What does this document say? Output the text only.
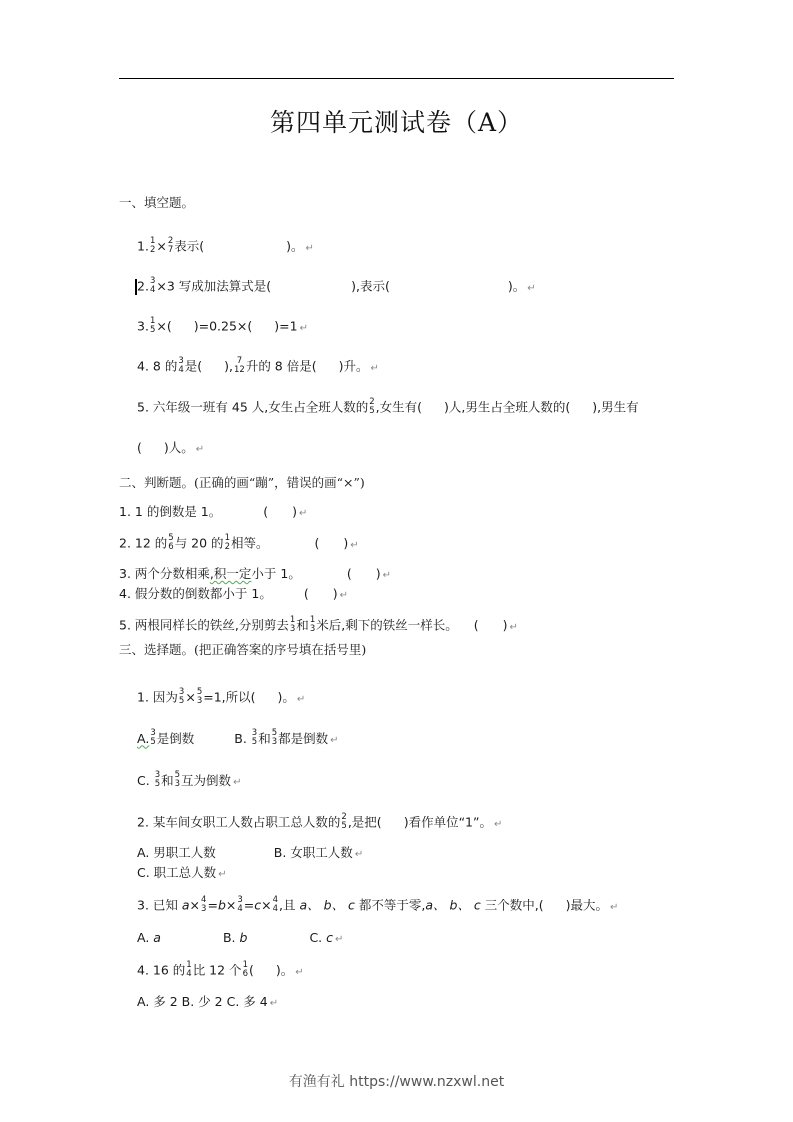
第四单元测试卷（A）
一、填空题。
1. 1
2 × 2
7 表示(	)。 ↵
2. 3
4 ×3 写成加法算式是(	),表示(	)。 ↵
3. 1
5 ×( )=0.25×( )=1 ↵
4. 8 的 3
4 是( ), 7
12 升的 8 倍是( )升。 ↵
5. 六年级一班有 45 人,女生占全班人数的 2
5 ,女生有( )人,男生占全班人数的( ),男生有
( )人。 ↵
二、判断题。(正确的画“蹦”，错误的画“×”)
1. 1 的倒数是 1。	( ) ↵
2. 12 的 5
6 与 20 的 1
2 相等。	( ) ↵
3. 两个分数相乘,积一定小于 1。	( ) ↵
4. 假分数的倒数都小于 1。	( ) ↵
5. 两根同样长的铁丝,分别剪去 1
3 和 1
3 米后,剩下的铁丝一样长。 ( ) ↵
三、选择题。(把正确答案的序号填在括号里)
1. 因为 3
5 × 5
3 =1,所以( )。 ↵
A. 3
5 是倒数	B. 3
5 和 5
3 都是倒数 ↵
C. 3
5 和 5
3 互为倒数 ↵
2. 某车间女职工人数占职工总人数的 2
5 ,是把( )看作单位“1”。 ↵
A. 男职工人数	B. 女职工人数 ↵
C. 职工总人数 ↵
3. 已知 a× 4
3 =b× 3
4 =c× 4
4 ,且 a、 b、 c 都不等于零,a、 b、 c 三个数中,( )最大。 ↵
A. a	B. b	C. c ↵
4. 16 的 1
4 比 12 个 1
6 ( )。 ↵
A. 多 2 B. 少 2 C. 多 4 ↵
有渔有礼 https://www.nzxwl.net
